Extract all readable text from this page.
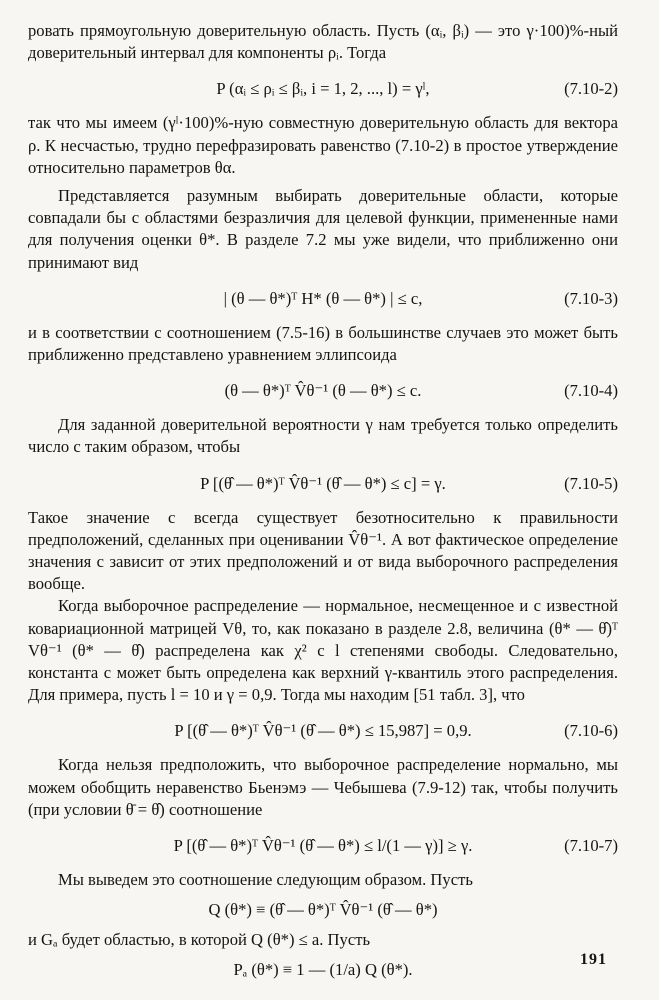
ровать прямоугольную доверительную область. Пусть (αᵢ, βᵢ) — это γ·100)%-ный доверительный интервал для компоненты ρᵢ. Тогда

P (αᵢ ≤ ρᵢ ≤ βᵢ, i = 1, 2, ..., l) = γˡ,	(7.10-2)

так что мы имеем (γˡ·100)%-ную совместную доверительную область для вектора ρ. К несчастью, трудно перефразировать равенство (7.10-2) в простое утверждение относительно параметров θα.

Представляется разумным выбирать доверительные области, которые совпадали бы с областями безразличия для целевой функции, примененные нами для получения оценки θ*. В разделе 7.2 мы уже видели, что приближенно они принимают вид

| (θ — θ*)ᵀ H* (θ — θ*) | ≤ c,	(7.10-3)

и в соответствии с соотношением (7.5-16) в большинстве случаев это может быть приближенно представлено уравнением эллипсоида

(θ — θ*)ᵀ V̂θ⁻¹ (θ — θ*) ≤ c.	(7.10-4)

Для заданной доверительной вероятности γ нам требуется только определить число c таким образом, чтобы

P [(θ̂ — θ*)ᵀ V̂θ⁻¹ (θ̂ — θ*) ≤ c] = γ.	(7.10-5)

Такое значение c всегда существует безотносительно к правильности предположений, сделанных при оценивании V̂θ⁻¹. А вот фактическое определение значения c зависит от этих предположений и от вида выборочного распределения вообще.

Когда выборочное распределение — нормальное, несмещенное и с известной ковариационной матрицей Vθ, то, как показано в разделе 2.8, величина (θ* — θ̂)ᵀ Vθ⁻¹ (θ* — θ̂) распределена как χ² с l степенями свободы. Следовательно, константа c может быть определена как верхний γ-квантиль этого распределения. Для примера, пусть l = 10 и γ = 0,9. Тогда мы находим [51 табл. 3], что

P [(θ̂ — θ*)ᵀ V̂θ⁻¹ (θ̂ — θ*) ≤ 15,987] = 0,9.	(7.10-6)

Когда нельзя предположить, что выборочное распределение нормально, мы можем обобщить неравенство Бьенэмэ — Чебышева (7.9-12) так, чтобы получить (при условии θ̄ = θ̂) соотношение

P [(θ̂ — θ*)ᵀ V̂θ⁻¹ (θ̂ — θ*) ≤ l/(1 — γ)] ≥ γ.	(7.10-7)

Мы выведем это соотношение следующим образом. Пусть

Q (θ*) ≡ (θ̂ — θ*)ᵀ V̂θ⁻¹ (θ̂ — θ*)

и Gₐ будет областью, в которой Q (θ*) ≤ a. Пусть

Pₐ (θ*) ≡ 1 — (1/a) Q (θ*).
191
